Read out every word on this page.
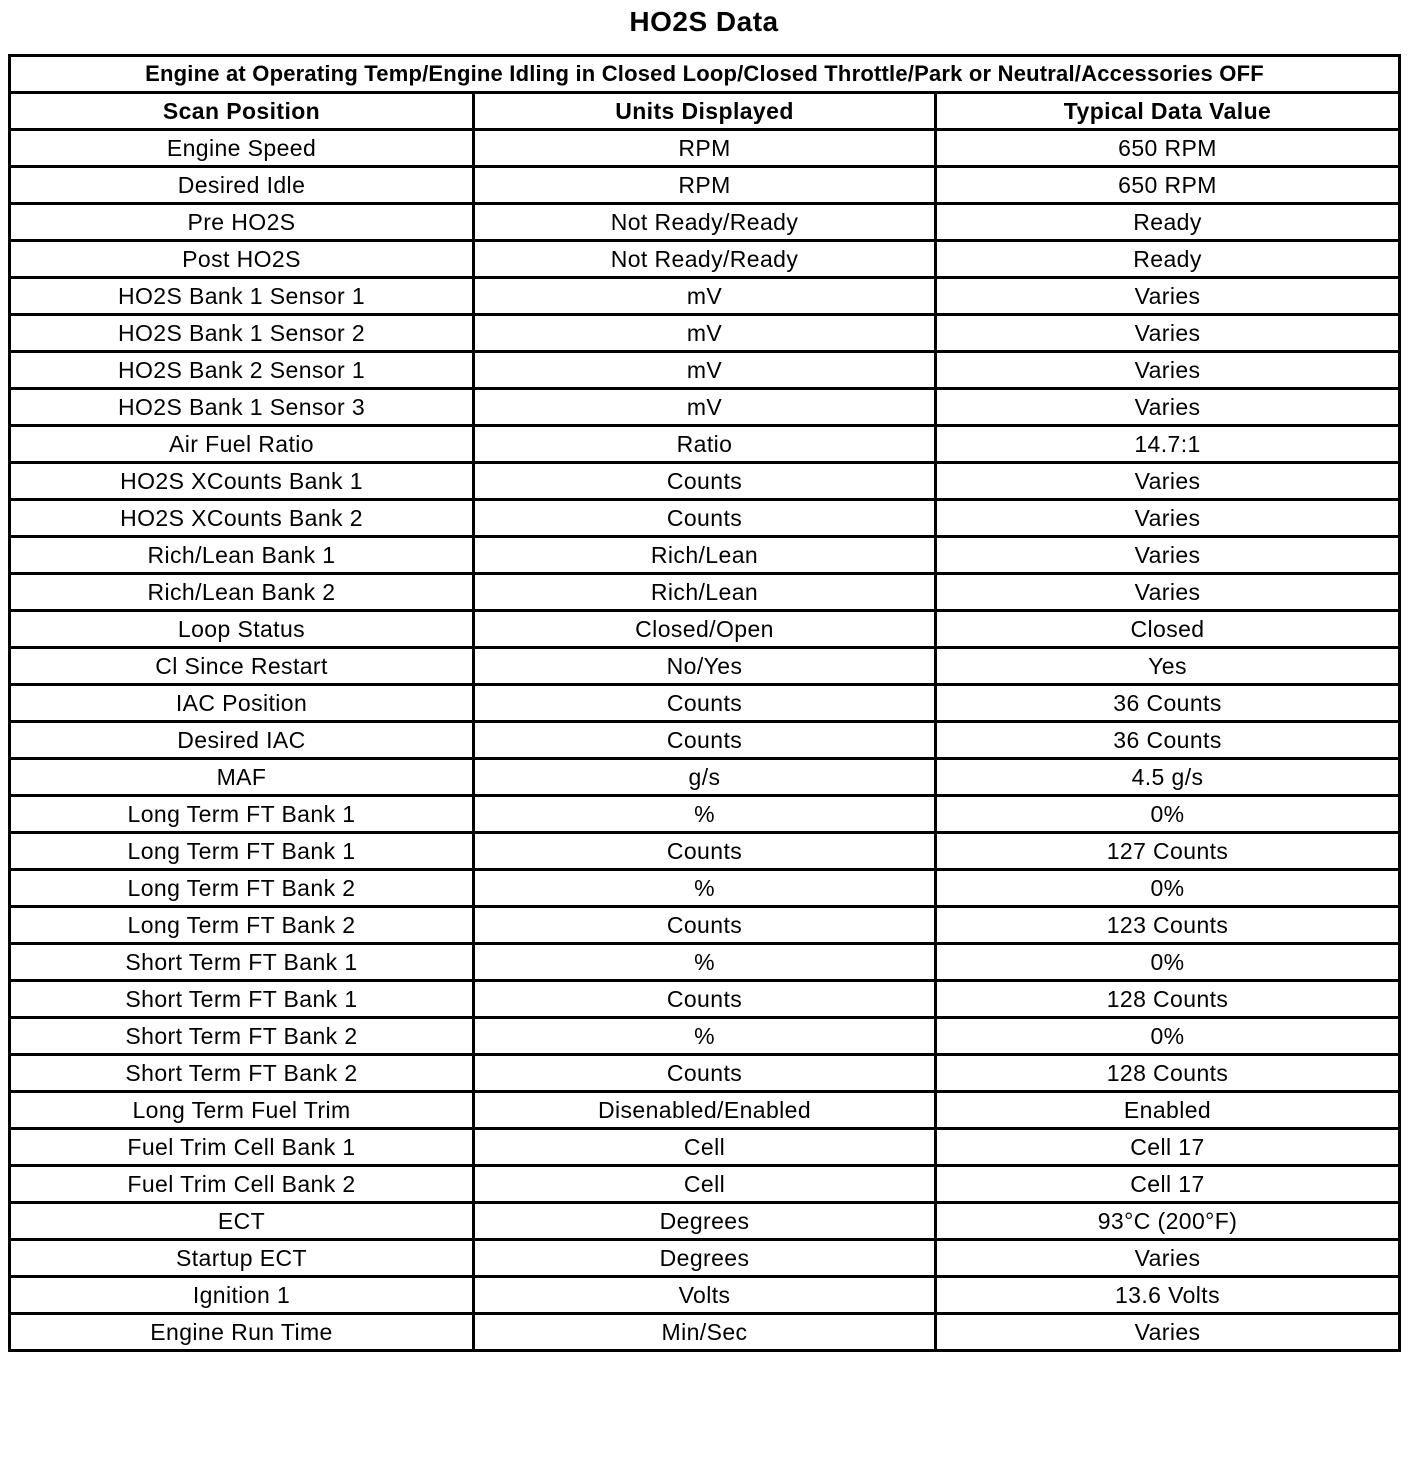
HO2S Data
Engine at Operating Temp/Engine Idling in Closed Loop/Closed Throttle/Park or Neutral/Accessories OFF		
Scan Position	Units Displayed	Typical Data Value
Engine Speed	RPM	650 RPM
Desired Idle	RPM	650 RPM
Pre HO2S	Not Ready/Ready	Ready
Post HO2S	Not Ready/Ready	Ready
HO2S Bank 1 Sensor 1	mV	Varies
HO2S Bank 1 Sensor 2	mV	Varies
HO2S Bank 2 Sensor 1	mV	Varies
HO2S Bank 1 Sensor 3	mV	Varies
Air Fuel Ratio	Ratio	14.7:1
HO2S XCounts Bank 1	Counts	Varies
HO2S XCounts Bank 2	Counts	Varies
Rich/Lean Bank 1	Rich/Lean	Varies
Rich/Lean Bank 2	Rich/Lean	Varies
Loop Status	Closed/Open	Closed
Cl Since Restart	No/Yes	Yes
IAC Position	Counts	36 Counts
Desired IAC	Counts	36 Counts
MAF	g/s	4.5 g/s
Long Term FT Bank 1	%	0%
Long Term FT Bank 1	Counts	127 Counts
Long Term FT Bank 2	%	0%
Long Term FT Bank 2	Counts	123 Counts
Short Term FT Bank 1	%	0%
Short Term FT Bank 1	Counts	128 Counts
Short Term FT Bank 2	%	0%
Short Term FT Bank 2	Counts	128 Counts
Long Term Fuel Trim	Disenabled/Enabled	Enabled
Fuel Trim Cell Bank 1	Cell	Cell 17
Fuel Trim Cell Bank 2	Cell	Cell 17
ECT	Degrees	93°C (200°F)
Startup ECT	Degrees	Varies
Ignition 1	Volts	13.6 Volts
Engine Run Time	Min/Sec	Varies
